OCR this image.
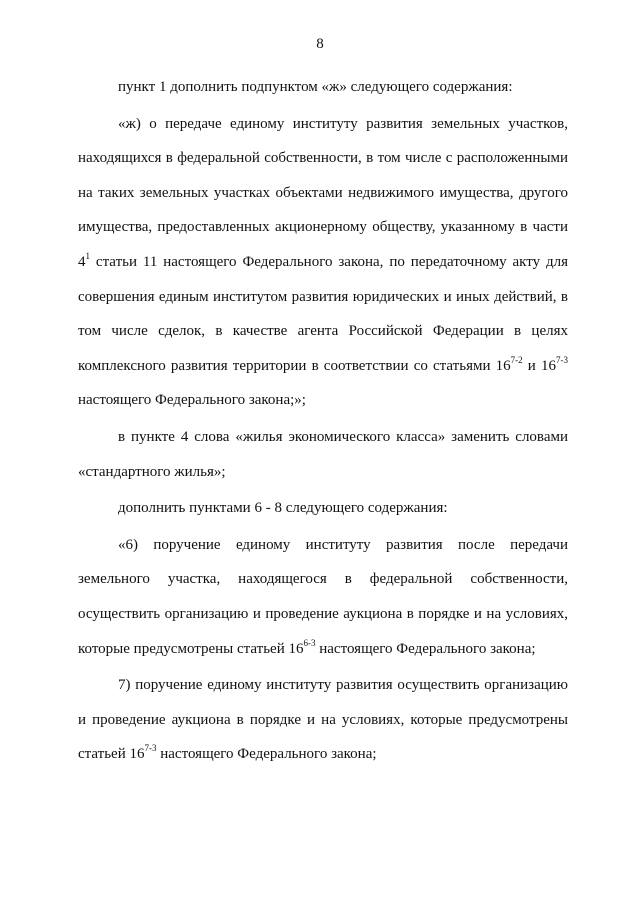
8

пункт 1 дополнить подпунктом «ж» следующего содержания:

«ж) о передаче единому институту развития земельных участков, находящихся в федеральной собственности, в том числе с расположенными на таких земельных участках объектами недвижимого имущества, другого имущества, предоставленных акционерному обществу, указанному в части $4^1$ статьи 11 настоящего Федерального закона, по передаточному акту для совершения единым институтом развития юридических и иных действий, в том числе сделок, в качестве агента Российской Федерации в целях комплексного развития территории в соответствии со статьями 16$^{7-2}$ и 16$^{7-3}$ настоящего Федерального закона;»;

в пункте 4 слова «жилья экономического класса» заменить словами «стандартного жилья»;

дополнить пунктами 6 - 8 следующего содержания:

«6) поручение единому институту развития после передачи земельного участка, находящегося в федеральной собственности, осуществить организацию и проведение аукциона в порядке и на условиях, которые предусмотрены статьей 16$^{6-3}$ настоящего Федерального закона;

7) поручение единому институту развития осуществить организацию и проведение аукциона в порядке и на условиях, которые предусмотрены статьей 16$^{7-3}$ настоящего Федерального закона;
